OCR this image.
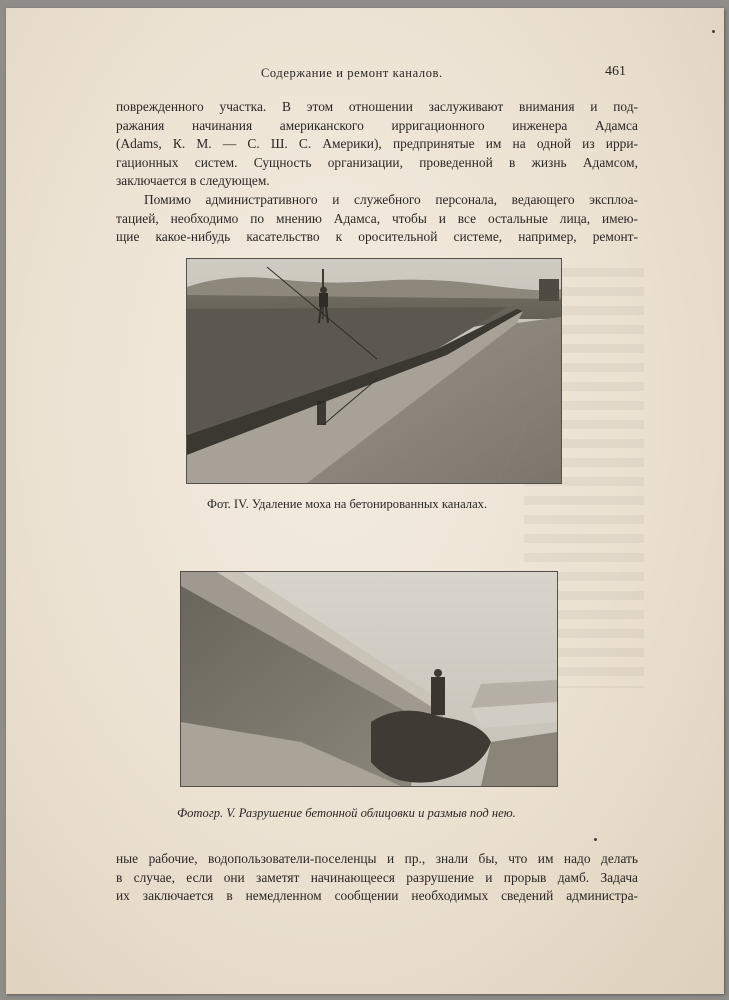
Содержание и ремонт каналов.	461
поврежденного участка. В этом отношении заслуживают внимания и под-
ражания начинания американского ирригационного инженера Адамса
(Adams, К. М. — С. Ш. С. Америки), предпринятые им на одной из ирри-
гационных систем. Сущность организации, проведенной в жизнь Адамсом,
заключается в следующем.
Помимо административного и служебного персонала, ведающего эксплоа-
тацией, необходимо по мнению Адамса, чтобы и все остальные лица, имею-
щие какое-нибудь касательство к оросительной системе, например, ремонт-
Фот. IV. Удаление моха на бетонированных каналах.
Фотогр. V. Разрушение бетонной облицовки и размыв под нею.
ные рабочие, водопользователи-поселенцы и пр., знали бы, что им надо делать
в случае, если они заметят начинающееся разрушение и прорыв дамб. Задача
их заключается в немедленном сообщении необходимых сведений администра-
